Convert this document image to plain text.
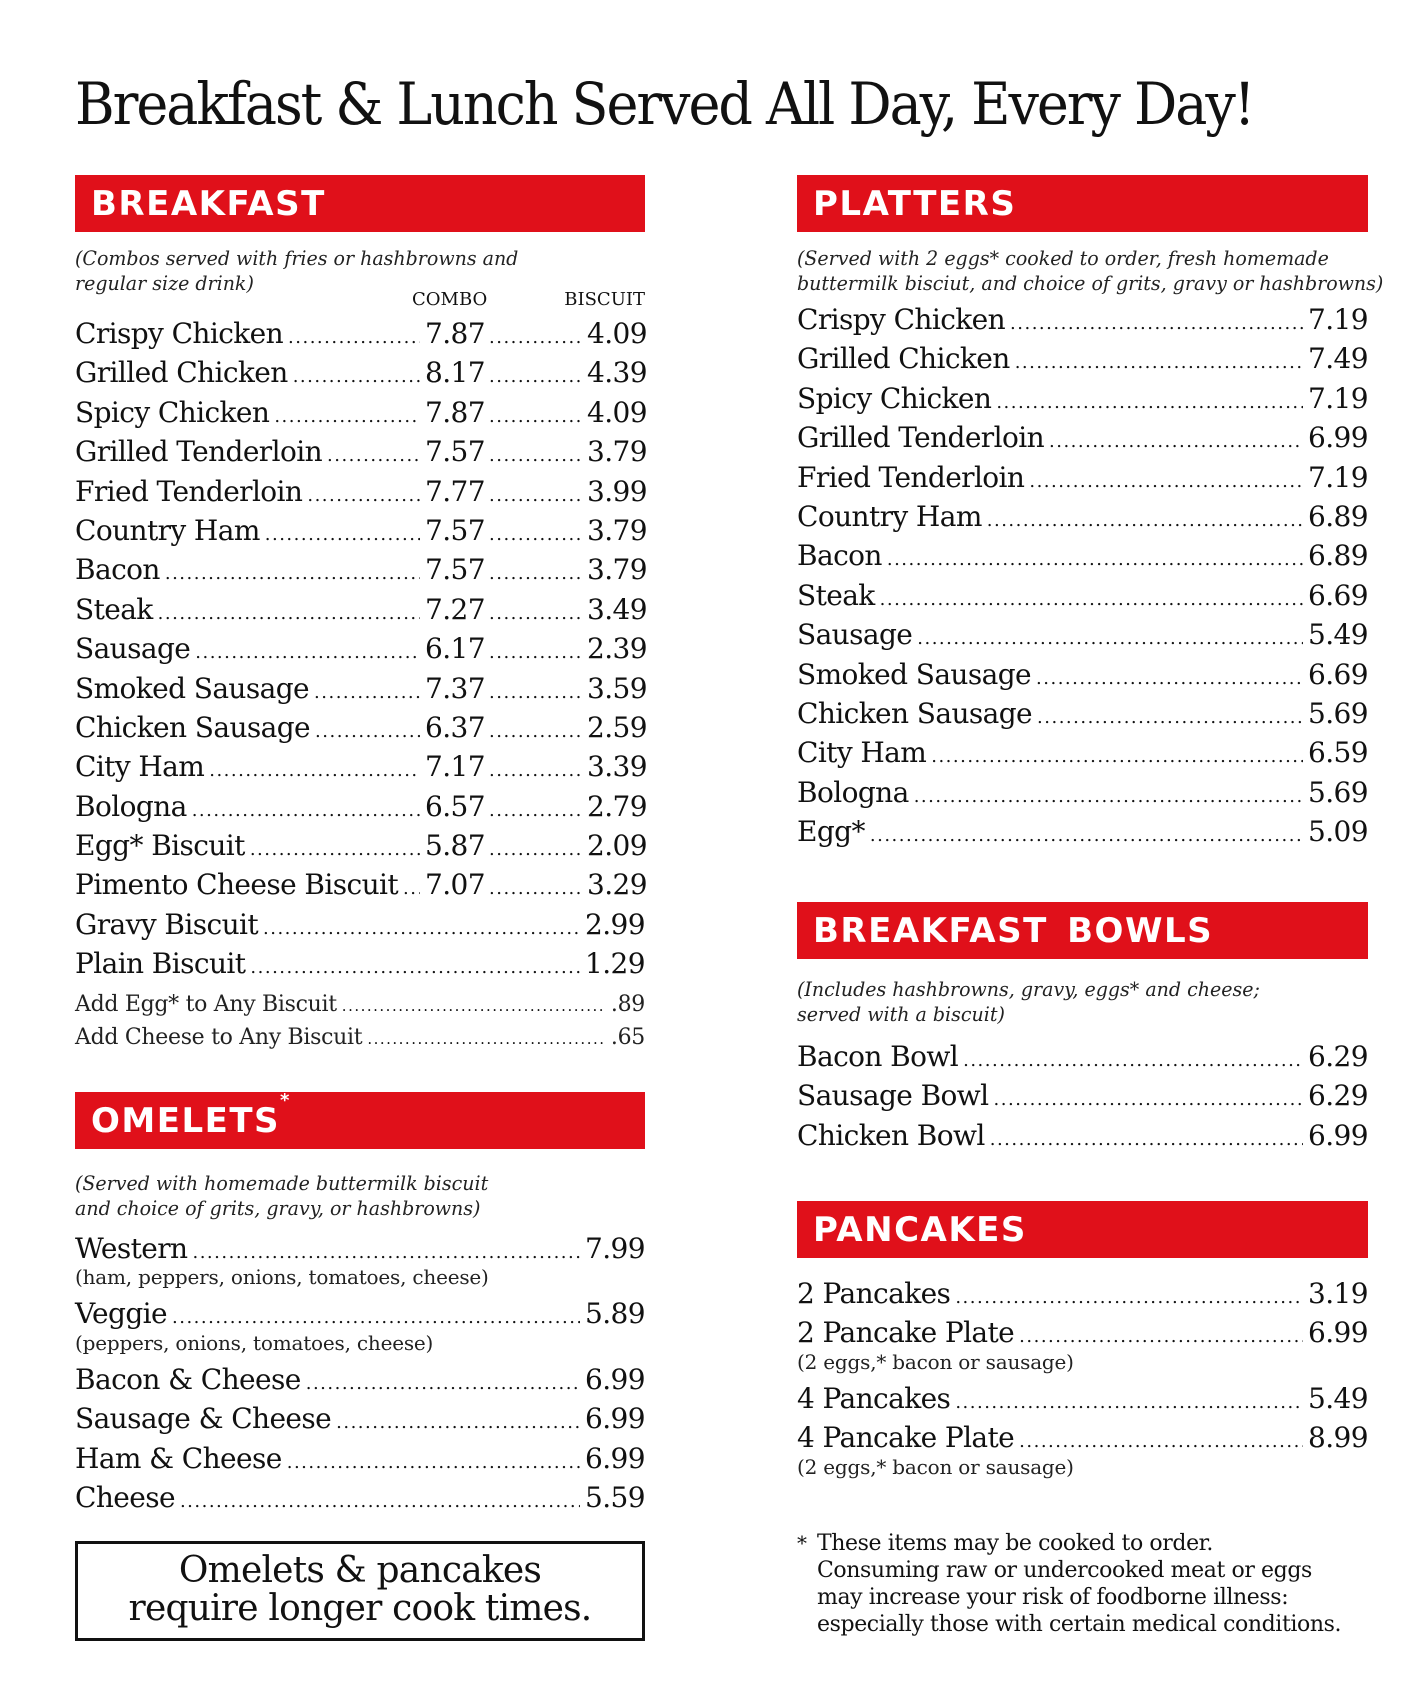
Breakfast & Lunch Served All Day, Every Day!
BREAKFAST
(Combos served with fries or hashbrowns and
regular size drink)
COMBO	BISCUIT
Crispy Chicken .....	7.87 .....	4.09
Grilled Chicken .....	8.17 .....	4.39
Spicy Chicken .....	7.87 .....	4.09
Grilled Tenderloin .....	7.57 .....	3.79
Fried Tenderloin .....	7.77 .....	3.99
Country Ham .....	7.57 .....	3.79
Bacon .....	7.57 .....	3.79
Steak .....	7.27 .....	3.49
Sausage .....	6.17 .....	2.39
Smoked Sausage .....	7.37 .....	3.59
Chicken Sausage .....	6.37 .....	2.59
City Ham .....	7.17 .....	3.39
Bologna .....	6.57 .....	2.79
Egg* Biscuit .....	5.87 .....	2.09
Pimento Cheese Biscuit ..... 7.07 .....	3.29
Gravy Biscuit .....	2.99
Plain Biscuit .....	1.29
Add Egg* to Any Biscuit .....	.89
Add Cheese to Any Biscuit .....	.65
OMELETS*
(Served with homemade buttermilk biscuit
and choice of grits, gravy, or hashbrowns)
Western .....	7.99
(ham, peppers, onions, tomatoes, cheese)
Veggie .....	5.89
(peppers, onions, tomatoes, cheese)
Bacon & Cheese .....	6.99
Sausage & Cheese .....	6.99
Ham & Cheese .....	6.99
Cheese .....	5.59
Omelets & pancakes
require longer cook times.
PLATTERS
(Served with 2 eggs* cooked to order, fresh homemade
buttermilk bisciut, and choice of grits, gravy or hashbrowns)
Crispy Chicken .....	7.19
Grilled Chicken .....	7.49
Spicy Chicken .....	7.19
Grilled Tenderloin .....	6.99
Fried Tenderloin .....	7.19
Country Ham .....	6.89
Bacon .....	6.89
Steak .....	6.69
Sausage .....	5.49
Smoked Sausage .....	6.69
Chicken Sausage .....	5.69
City Ham .....	6.59
Bologna .....	5.69
Egg* .....	5.09
BREAKFAST BOWLS
(Includes hashbrowns, gravy, eggs* and cheese;
served with a biscuit)
Bacon Bowl .....	6.29
Sausage Bowl .....	6.29
Chicken Bowl .....	6.99
PANCAKES
2 Pancakes .....	3.19
2 Pancake Plate .....	6.99
(2 eggs,* bacon or sausage)
4 Pancakes .....	5.49
4 Pancake Plate .....	8.99
(2 eggs,* bacon or sausage)
* These items may be cooked to order.
Consuming raw or undercooked meat or eggs
may increase your risk of foodborne illness:
especially those with certain medical conditions.
